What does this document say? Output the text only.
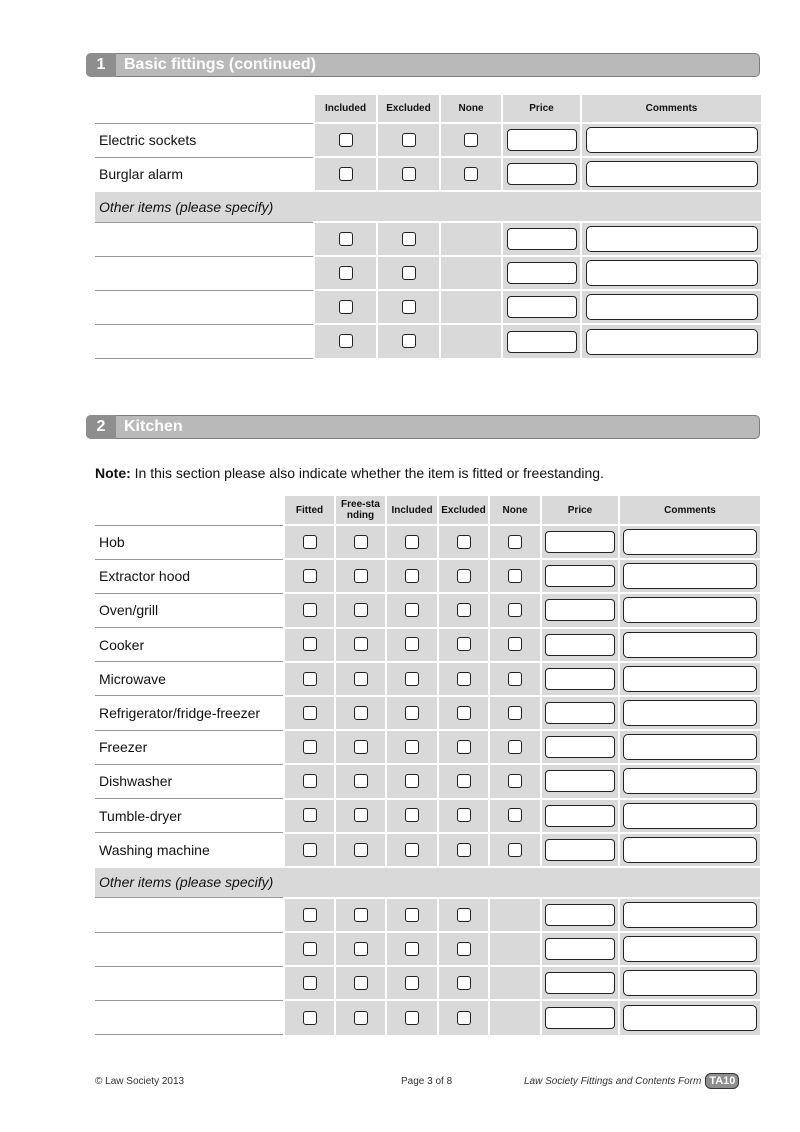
1	Basic fittings (continued)
	Included	Excluded	None	Price	Comments
Electric sockets					
Burglar alarm					
Other items (please specify)					

2	Kitchen
Note: In this section please also indicate whether the item is fitted or freestanding.
	Fitted	Free-standing	Included	Excluded	None	Price	Comments
Hob							
Extractor hood							
Oven/grill							
Cooker							
Microwave							
Refrigerator/fridge-freezer							
Freezer							
Dishwasher							
Tumble-dryer							
Washing machine							
Other items (please specify)							

© Law Society 2013	Page 3 of 8	Law Society Fittings and Contents Form TA10
